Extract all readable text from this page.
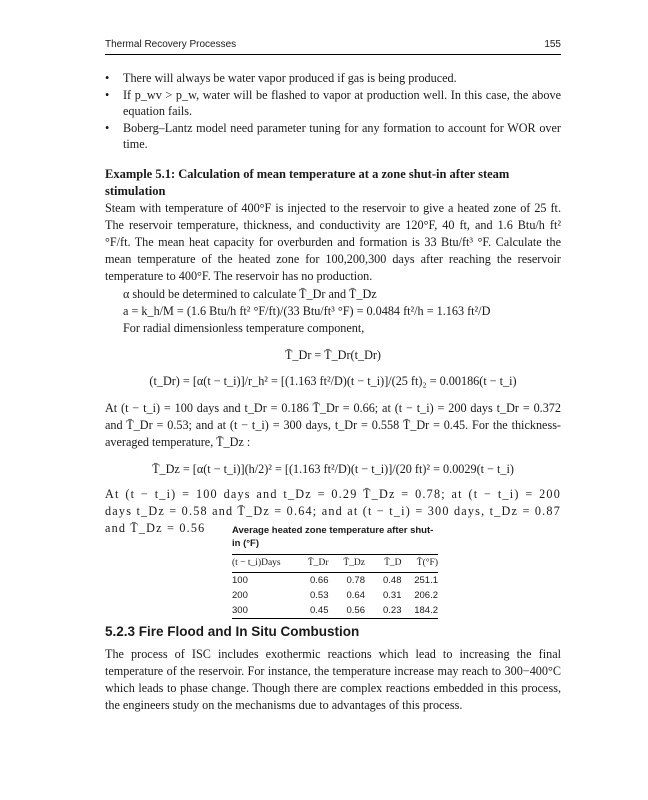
Thermal Recovery Processes	155
• There will always be water vapor produced if gas is being produced.
• If p_wv > p_w, water will be flashed to vapor at production well. In this case, the above equation fails.
• Boberg–Lantz model need parameter tuning for any formation to account for WOR over time.
Example 5.1: Calculation of mean temperature at a zone shut-in after steam stimulation
Steam with temperature of 400°F is injected to the reservoir to give a heated zone of 25 ft. The reservoir temperature, thickness, and conductivity are 120°F, 40 ft, and 1.6 Btu/h ft² °F/ft. The mean heat capacity for overburden and formation is 33 Btu/ft³ °F. Calculate the mean temperature of the heated zone for 100,200,300 days after reaching the reservoir temperature to 400°F. The reservoir has no production.
α should be determined to calculate T̄_Dr and T̄_Dz
a = k_h/M = (1.6 Btu/h ft² °F/ft)/(33 Btu/ft³ °F) = 0.0484 ft²/h = 1.163 ft²/D
For radial dimensionless temperature component,
T̄_Dr = T̄_Dr(t_Dr)
(t_Dr) = [α(t − t_i)]/r_h² = [(1.163 ft²/D)(t − t_i)]/(25 ft)₂ = 0.00186(t − t_i)
At (t − t_i) = 100 days and t_Dr = 0.186 T̄_Dr = 0.66; at (t − t_i) = 200 days t_Dr = 0.372 and T̄_Dr = 0.53; and at (t − t_i) = 300 days, t_Dr = 0.558 T̄_Dr = 0.45. For the thickness-averaged temperature, T̄_Dz :
T̄_Dz = [α(t − t_i)](h/2)² = [(1.163 ft²/D)(t − t_i)]/(20 ft)² = 0.0029(t − t_i)
At (t − t_i) = 100 days and t_Dz = 0.29 T̄_Dz = 0.78; at (t − t_i) = 200 days t_Dz = 0.58 and T̄_Dz = 0.64; and at (t − t_i) = 300 days, t_Dz = 0.87 and T̄_Dz = 0.56	Average heated zone temperature after shut-in (°F)
(t − t_i)Days	T̄_Dr	T̄_Dz	T̄_D	T̄(°F)
100	0.66	0.78	0.48	251.1
200	0.53	0.64	0.31	206.2
300	0.45	0.56	0.23	184.2
5.2.3 Fire Flood and In Situ Combustion
The process of ISC includes exothermic reactions which lead to increasing the final temperature of the reservoir. For instance, the temperature increase may reach to 300−400°C which leads to phase change. Though there are complex reactions embedded in this process, the engineers study on the mechanisms due to advantages of this process.
